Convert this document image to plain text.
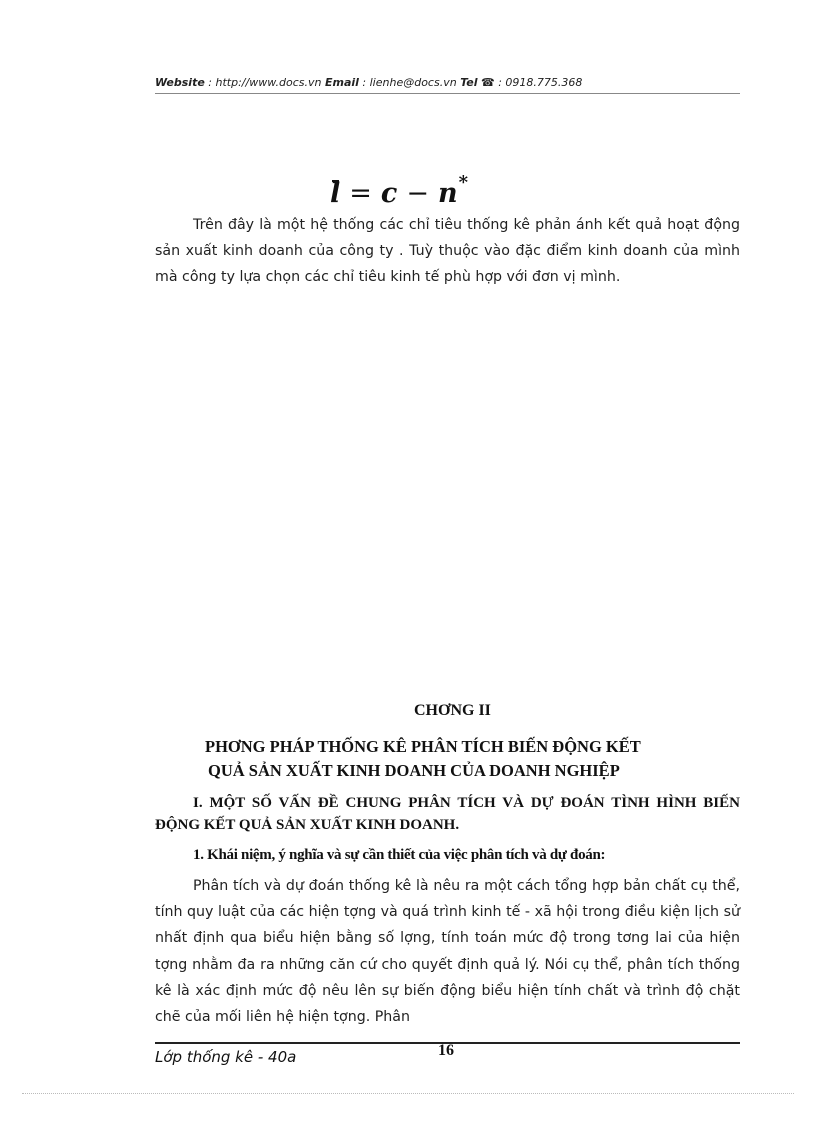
Website : http://www.docs.vn Email : lienhe@docs.vn Tel ☎ : 0918.775.368
l = c − n*
Trên đây là một hệ thống các chỉ tiêu thống kê phản ánh kết quả hoạt động sản xuất kinh doanh của công ty . Tuỳ thuộc vào đặc điểm kinh doanh của mình mà công ty lựa chọn các chỉ tiêu kinh tế phù hợp với đơn vị mình.
CHƠNG II
PHƠNG PHÁP THỐNG KÊ PHÂN TÍCH BIẾN ĐỘNG KẾT
QUẢ SẢN XUẤT KINH DOANH CỦA DOANH NGHIỆP
I. MỘT SỐ VẤN ĐỀ CHUNG PHÂN TÍCH VÀ DỰ ĐOÁN TÌNH HÌNH BIẾN ĐỘNG KẾT QUẢ SẢN XUẤT KINH DOANH.
1. Khái niệm, ý nghĩa và sự cần thiết của việc phân tích và dự đoán:
Phân tích và dự đoán thống kê là nêu ra một cách tổng hợp bản chất cụ thể, tính quy luật của các hiện tợng và quá trình kinh tế - xã hội trong điều kiện lịch sử nhất định qua biểu hiện bằng số lợng, tính toán mức độ trong tơng lai của hiện tợng nhằm đa ra những căn cứ cho quyết định quả lý. Nói cụ thể, phân tích thống kê là xác định mức độ nêu lên sự biến động biểu hiện tính chất và trình độ chặt chẽ của mối liên hệ hiện tợng. Phân
Lớp thống kê - 40a	16
